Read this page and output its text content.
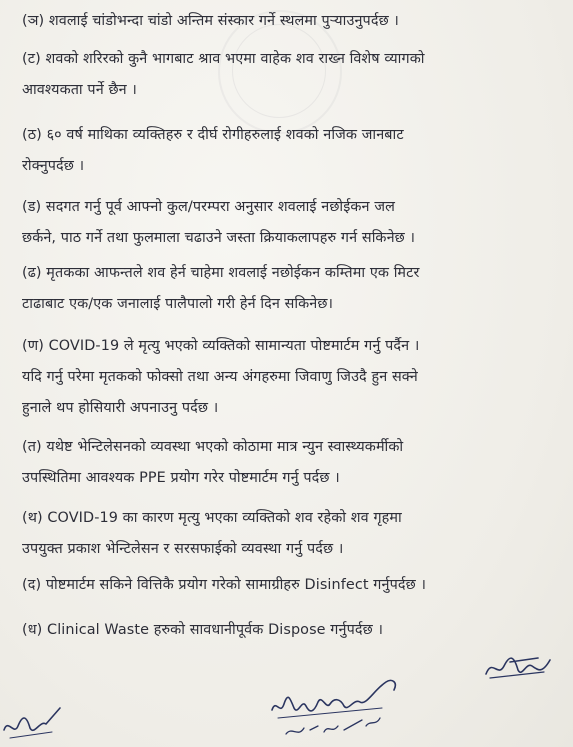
(ञ) शवलाई चांडोभन्दा चांडो अन्तिम संस्कार गर्ने स्थलमा पुऱ्याउनुपर्दछ ।
(ट) शवको शरिरको कुनै भागबाट श्राव भएमा वाहेक शव राख्न विशेष व्यागको
आवश्यकता पर्ने छैन ।
(ठ) ६० वर्ष माथिका व्यक्तिहरु र दीर्घ रोगीहरुलाई शवको नजिक जानबाट
रोक्नुपर्दछ ।
(ड) सदगत गर्नु पूर्व आफ्नो कुल/परम्परा अनुसार शवलाई नछोईकन जल
छर्कने, पाठ गर्ने तथा फुलमाला चढाउने जस्ता क्रियाकलापहरु गर्न सकिनेछ ।
(ढ) मृतकका आफन्तले शव हेर्न चाहेमा शवलाई नछोईकन कम्तिमा एक मिटर
टाढाबाट एक/एक जनालाई पालैपालो गरी हेर्न दिन सकिनेछ।
(ण) COVID-19 ले मृत्यु भएको व्यक्तिको सामान्यता पोष्टमार्टम गर्नु पर्दैन ।
यदि गर्नु परेमा मृतकको फोक्सो तथा अन्य अंगहरुमा जिवाणु जिउदै हुन सक्ने
हुनाले थप होसियारी अपनाउनु पर्दछ ।
(त) यथेष्ट भेन्टिलेसनको व्यवस्था भएको कोठामा मात्र न्युन स्वास्थ्यकर्मीको
उपस्थितिमा आवश्यक PPE प्रयोग गरेर पोष्टमार्टम गर्नु पर्दछ ।
(थ) COVID-19 का कारण मृत्यु भएका व्यक्तिको शव रहेको शव गृहमा
उपयुक्त प्रकाश भेन्टिलेसन र सरसफाईको व्यवस्था गर्नु पर्दछ ।
(द) पोष्टमार्टम सकिने वित्तिकै प्रयोग गरेको सामाग्रीहरु Disinfect गर्नुपर्दछ ।
(ध) Clinical Waste हरुको सावधानीपूर्वक Dispose गर्नुपर्दछ ।
